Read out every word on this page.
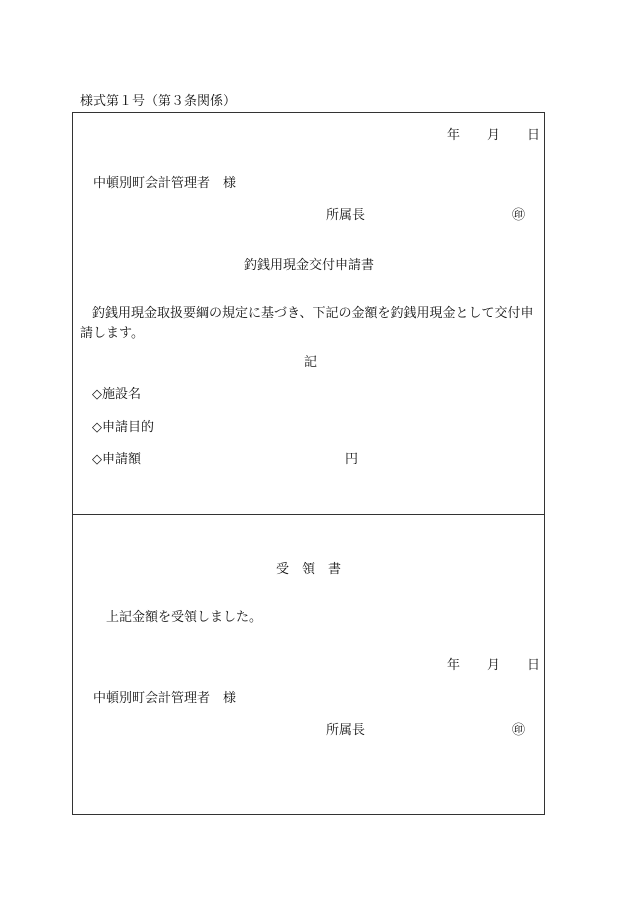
様式第１号（第３条関係）
年 月 日
中頓別町会計管理者　様
所属長	㊞
釣銭用現金交付申請書
釣銭用現金取扱要綱の規定に基づき、下記の金額を釣銭用現金として交付申請します。
記
◇施設名
◇申請目的
◇申請額	円
受　領　書
上記金額を受領しました。
年 月 日
中頓別町会計管理者　様
所属長	㊞
